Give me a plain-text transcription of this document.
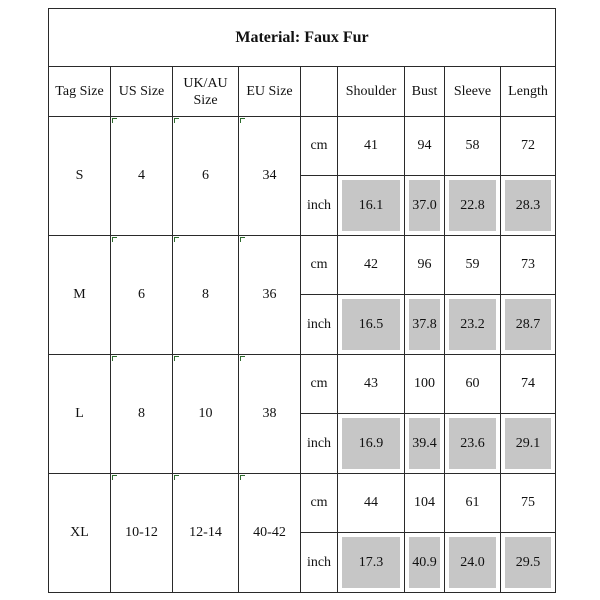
Material: Faux Fur								
Tag Size	US Size	UK/AU Size	EU Size		Shoulder	Bust	Sleeve	Length
S	4	6	34	cm	41	94	58	72
				inch	16.1	37.0	22.8	28.3
M	6	8	36	cm	42	96	59	73
				inch	16.5	37.8	23.2	28.7
L	8	10	38	cm	43	100	60	74
				inch	16.9	39.4	23.6	29.1
XL	10-12	12-14	40-42	cm	44	104	61	75
				inch	17.3	40.9	24.0	29.5
